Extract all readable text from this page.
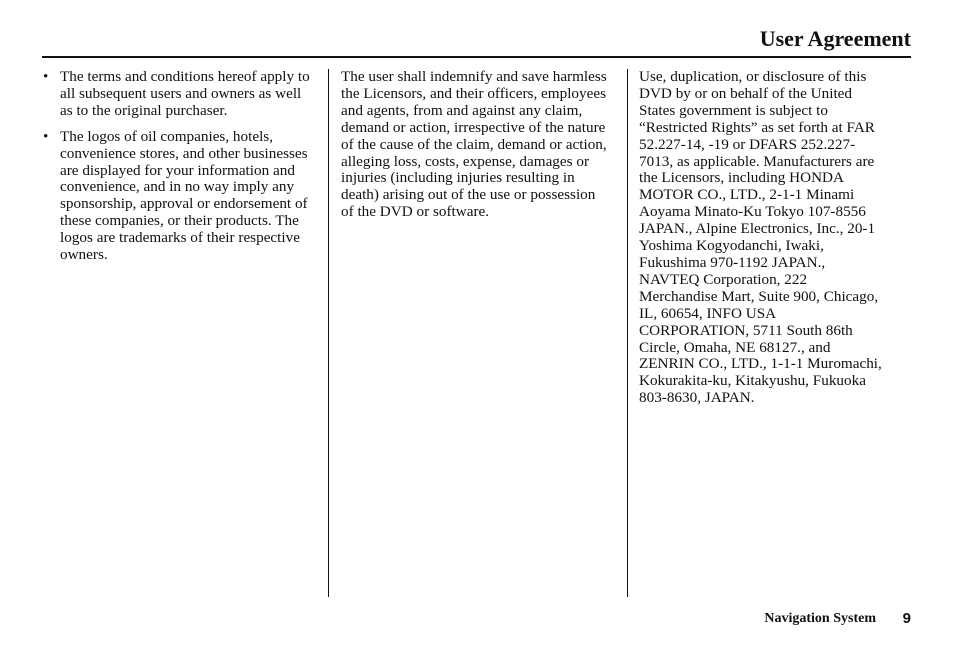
User Agreement
• The terms and conditions hereof apply to all subsequent users and owners as well as to the original purchaser.
• The logos of oil companies, hotels, convenience stores, and other businesses are displayed for your information and convenience, and in no way imply any sponsorship, approval or endorsement of these companies, or their products. The logos are trademarks of their respective owners.

The user shall indemnify and save harmless the Licensors, and their officers, employees and agents, from and against any claim, demand or action, irrespective of the nature of the cause of the claim, demand or action, alleging loss, costs, expense, damages or injuries (including injuries resulting in death) arising out of the use or possession of the DVD or software.

Use, duplication, or disclosure of this
DVD by or on behalf of the United
States government is subject to
“Restricted Rights” as set forth at FAR
52.227-14, -19 or DFARS 252.227-
7013, as applicable. Manufacturers are
the Licensors, including HONDA
MOTOR CO., LTD., 2-1-1 Minami
Aoyama Minato-Ku Tokyo 107-8556
JAPAN., Alpine Electronics, Inc., 20-1
Yoshima Kogyodanchi, Iwaki,
Fukushima 970-1192 JAPAN.,
NAVTEQ Corporation, 222
Merchandise Mart, Suite 900, Chicago,
IL, 60654, INFO USA
CORPORATION, 5711 South 86th
Circle, Omaha, NE 68127., and
ZENRIN CO., LTD., 1-1-1 Muromachi,
Kokurakita-ku, Kitakyushu, Fukuoka
803-8630, JAPAN.

Navigation System 9
